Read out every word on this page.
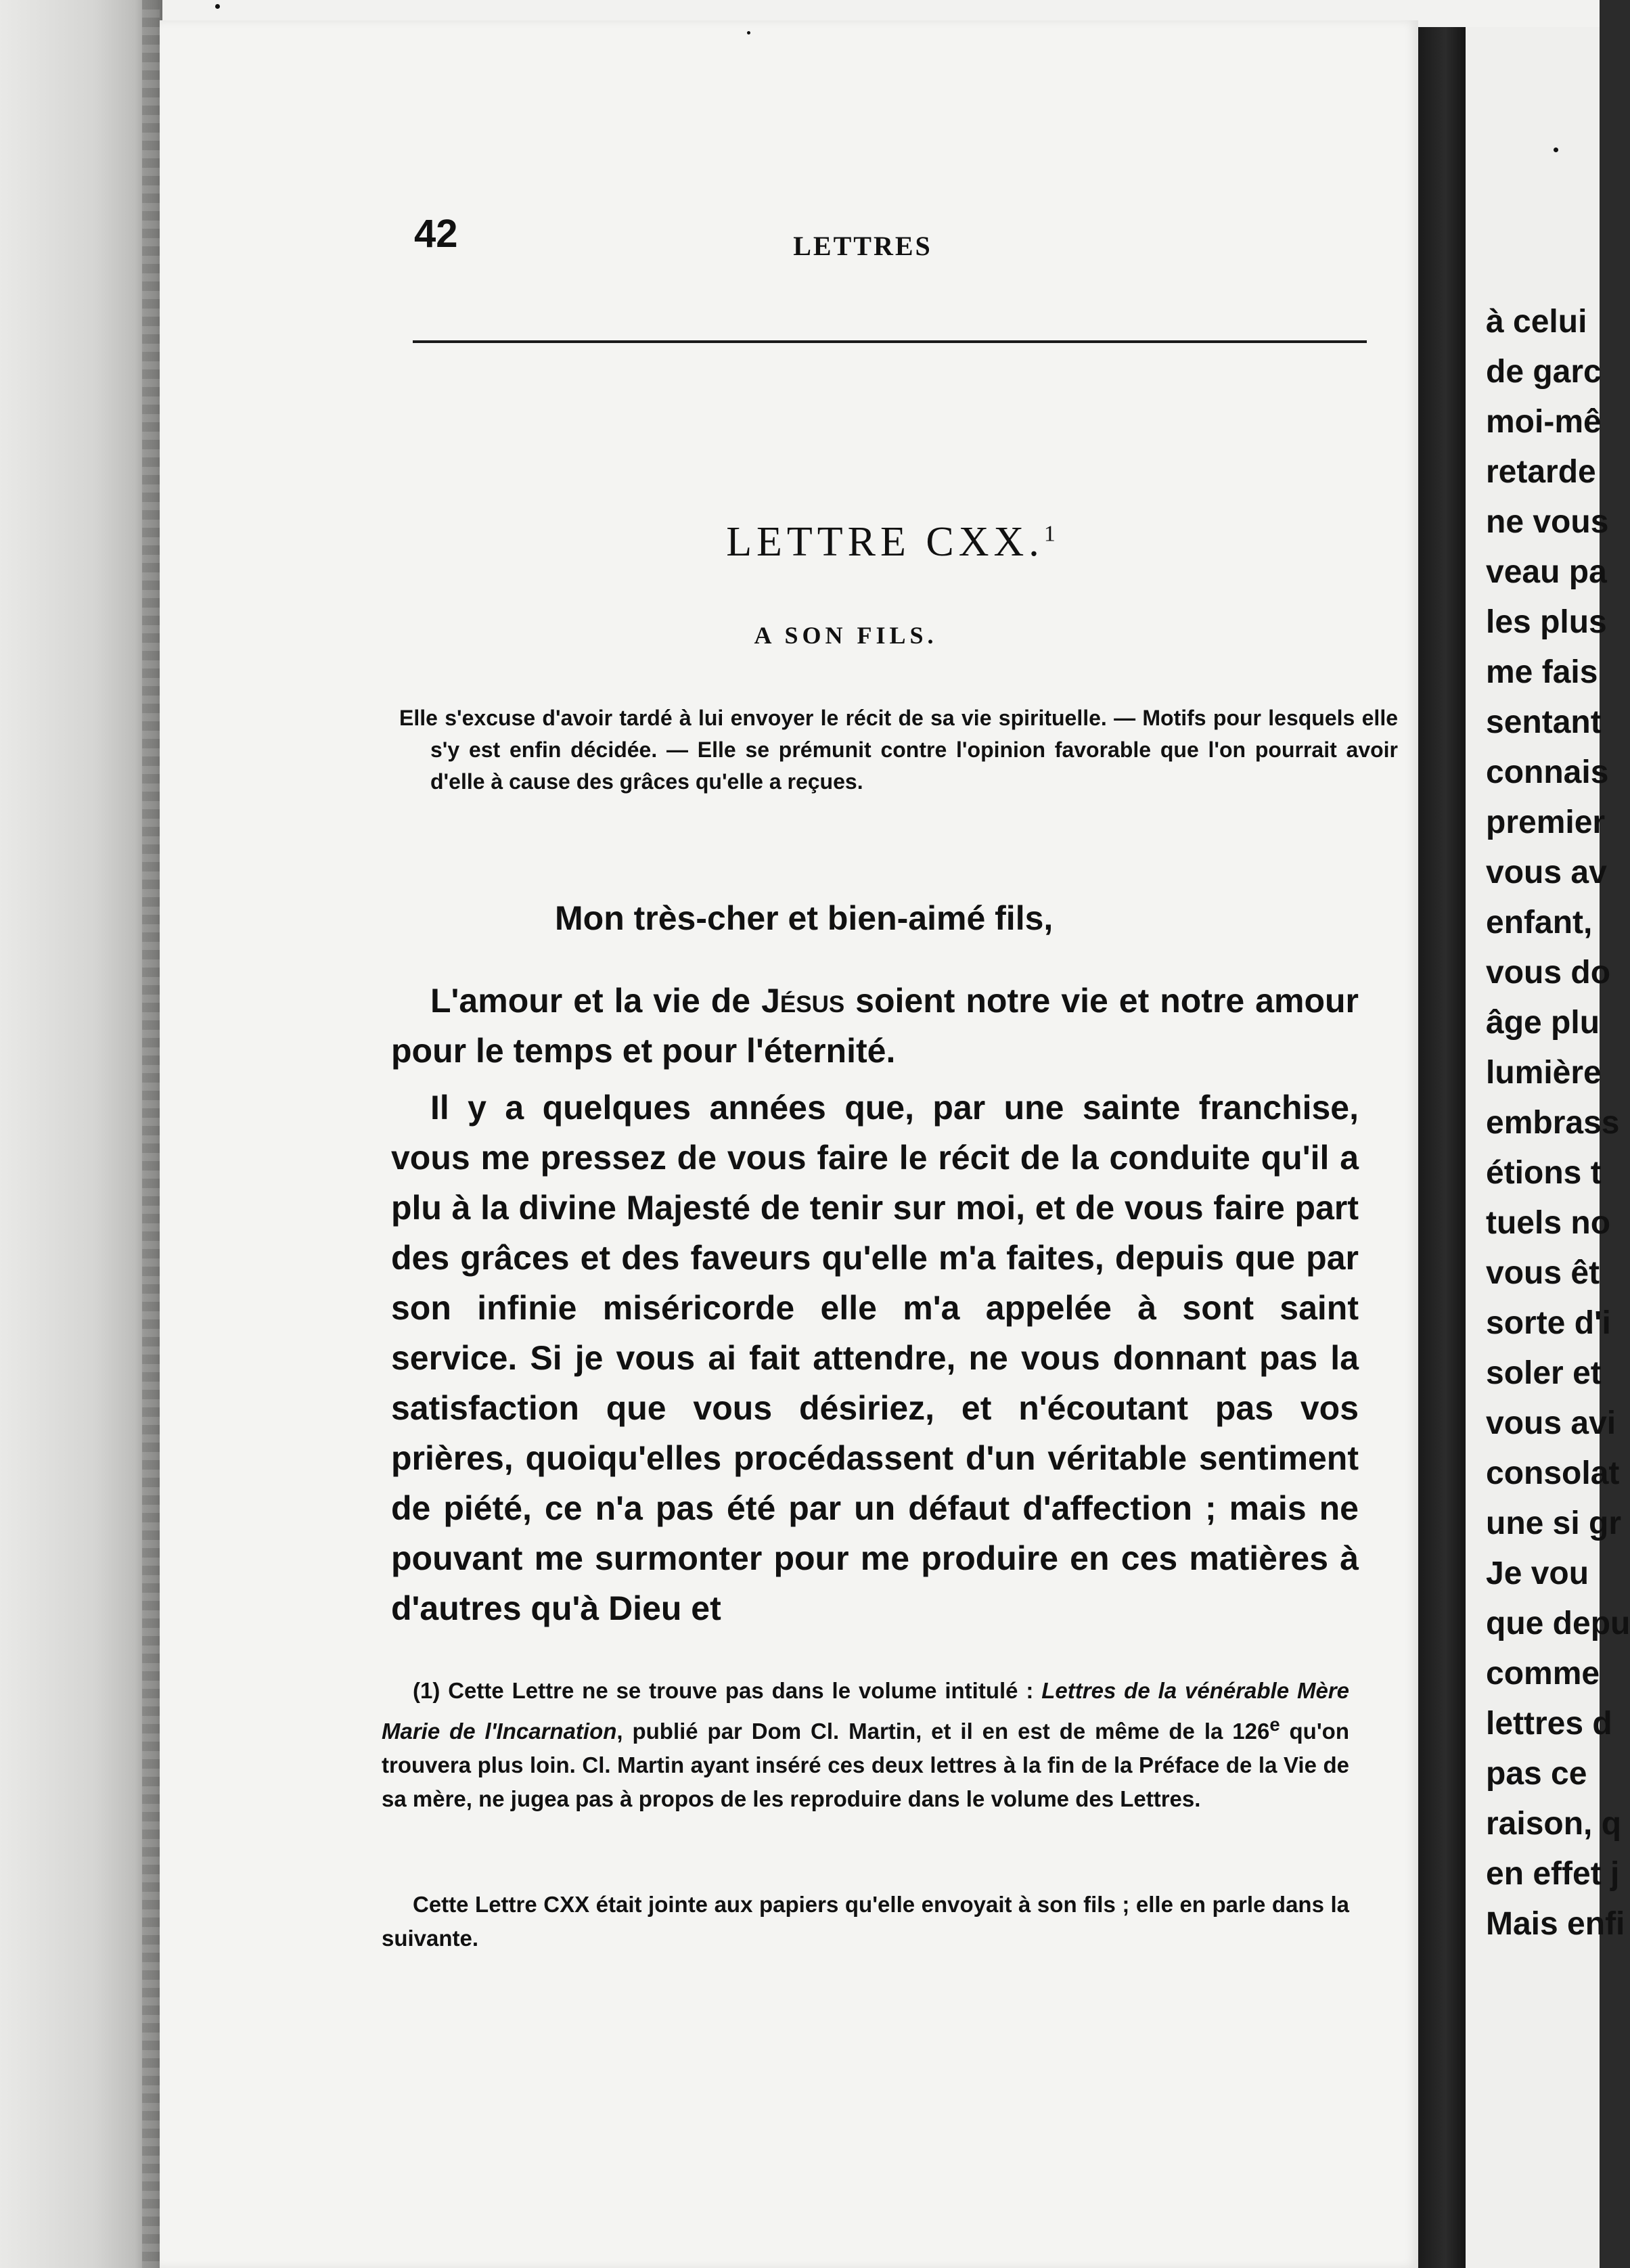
42	LETTRES
LETTRE CXX.$^1$
A SON FILS.
Elle s'excuse d'avoir tardé à lui envoyer le récit de sa vie spirituelle. — Motifs pour lesquels elle s'y est enfin décidée. — Elle se prémunit contre l'opinion favorable que l'on pourrait avoir d'elle à cause des grâces qu'elle a reçues.
Mon très-cher et bien-aimé fils,
L'amour et la vie de Jésus soient notre vie et notre amour pour le temps et pour l'éternité.
Il y a quelques années que, par une sainte franchise, vous me pressez de vous faire le récit de la conduite qu'il a plu à la divine Majesté de tenir sur moi, et de vous faire part des grâces et des faveurs qu'elle m'a faites, depuis que par son infinie miséricorde elle m'a appelée à sont saint service. Si je vous ai fait attendre, ne vous donnant pas la satisfaction que vous désiriez, et n'écoutant pas vos prières, quoiqu'elles procédassent d'un véritable sentiment de piété, ce n'a pas été par un défaut d'affection ; mais ne pouvant me surmonter pour me produire en ces matières à d'autres qu'à Dieu et
(1) Cette Lettre ne se trouve pas dans le volume intitulé : Lettres de la vénérable Mère Marie de l'Incarnation, publié par Dom Cl. Martin, et il en est de même de la 126e qu'on trouvera plus loin. Cl. Martin ayant inséré ces deux lettres à la fin de la Préface de la Vie de sa mère, ne jugea pas à propos de les reproduire dans le volume des Lettres.
Cette Lettre CXX était jointe aux papiers qu'elle envoyait à son fils ; elle en parle dans la suivante.
à celui
de garc
moi-mê
retarde
ne vous
veau pa
les plus
me fais
sentant
connais
premier
vous av
enfant,
vous do
âge plu
lumière
embrass
étions t
tuels no
vous êt
sorte d'i
soler et
vous avi
consolat
une si gr
Je vou
que depu
comme
lettres d
pas ce
raison, q
en effet j
Mais enfi
